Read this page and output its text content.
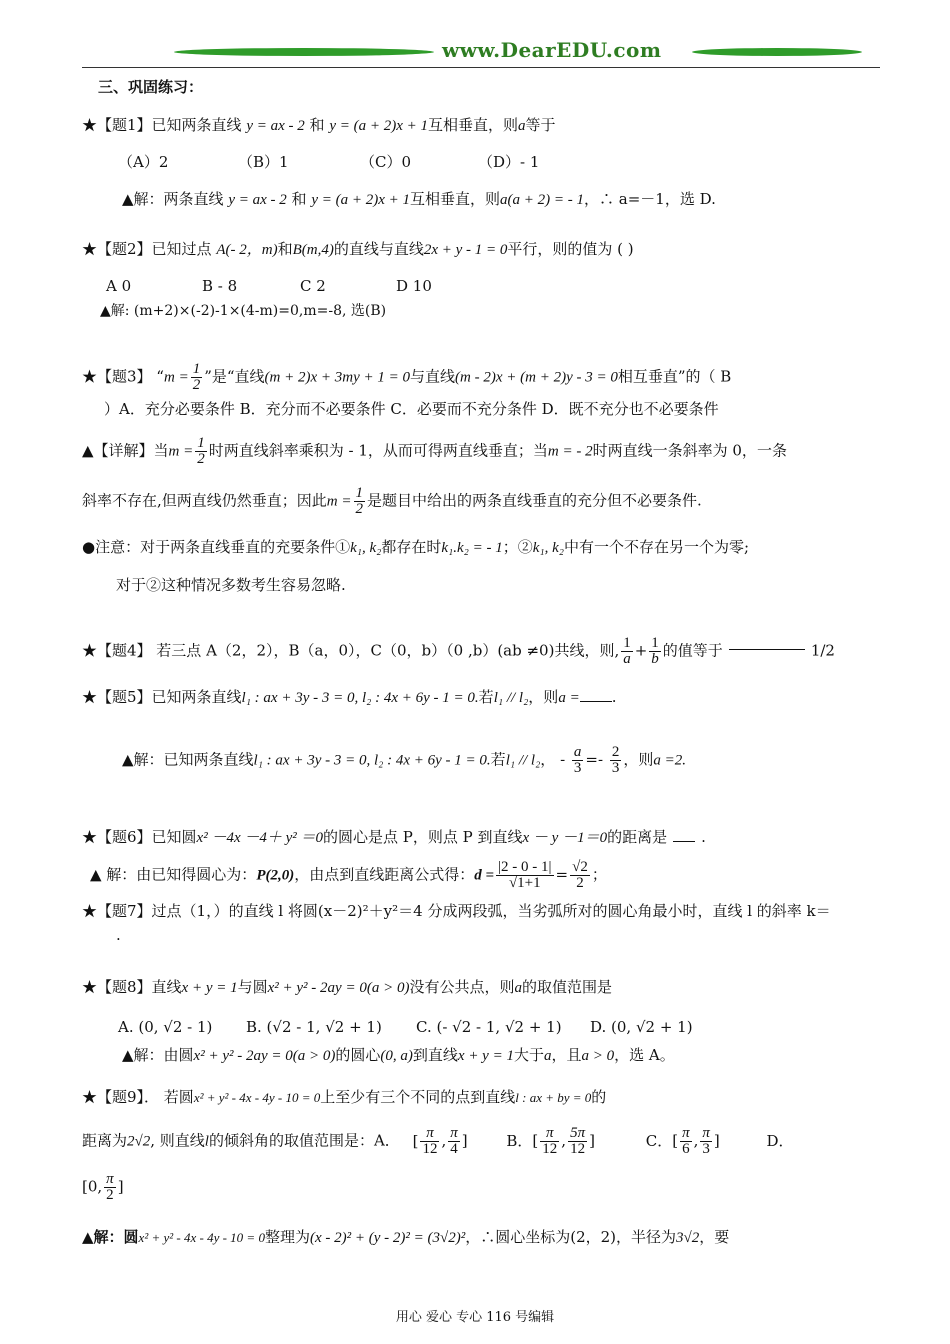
www.DearEDU.com
三、巩固练习：
★【题1】已知两条直线 y = ax - 2 和 y = (a + 2)x + 1互相垂直，则a等于
（A）2	（B）1	（C）0	（D）- 1
▲解：两条直线 y = ax - 2 和 y = (a + 2)x + 1互相垂直，则a(a + 2) = - 1，∴ a=－1，选 D.
★【题2】已知过点 A(- 2，m)和B(m,4)的直线与直线2x + y - 1 = 0平行，则的值为 ( )
A 0	B - 8	C 2	D 10
▲解: (m+2)×(-2)-1×(4-m)=0,m=-8, 选(B)
★【题3】 “$m = \frac{1}{2}$ ”是“直线(m + 2)x + 3my + 1 = 0与直线(m - 2)x + (m + 2)y - 3 = 0相互垂直”的（ B
）A．充分必要条件 B．充分而不必要条件 C．必要而不充分条件 D．既不充分也不必要条件
▲【详解】当$m = \frac{1}{2}$ 时两直线斜率乘积为 - 1，从而可得两直线垂直；当m = - 2时两直线一条斜率为 0，一条
斜率不存在,但两直线仍然垂直；因此$m = \frac{1}{2}$ 是题目中给出的两条直线垂直的充分但不必要条件.
●注意：对于两条直线垂直的充要条件①k₁, k₂都存在时k₁.k₂ = - 1；②k₁, k₂中有一个不存在另一个为零;
对于②这种情况多数考生容易忽略.
★【题4】 若三点 A（2，2），B（a，0），C（0，b）（0 ,b）(ab ≠0)共线，则, $\frac{1}{a} + \frac{1}{b}$ 的值等于	1/2
★【题5】已知两条直线l₁ : ax + 3y - 3 = 0, l₂ : 4x + 6y - 1 = 0.若l₁ // l₂，则a = .
▲解：已知两条直线l₁ : ax + 3y - 3 = 0, l₂ : 4x + 6y - 1 = 0.若l₁ // l₂， - $\frac{a}{3} =- \frac{2}{3}$ ，则a =2.
★【题6】已知圆x² －4x －4＋ y² ＝0的圆心是点 P，则点 P 到直线x － y －1＝0的距离是 .
▲ 解：由已知得圆心为：P(2,0)，由点到直线距离公式得：$d = \frac{|2 - 0 - 1|}{√1+1} = \frac{√2}{2}$ ；
★【题7】过点（1，）的直线 l 将圆(x－2)²＋y²＝4 分成两段弧，当劣弧所对的圆心角最小时，直线 l 的斜率 k＝
.
★【题8】直线x + y = 1与圆x² + y² - 2ay = 0(a > 0)没有公共点，则a的取值范围是
A. (0, √2 - 1) B. (√2 - 1, √2 + 1) C. (- √2 - 1, √2 + 1) D. (0, √2 + 1)
▲解：由圆x² + y² - 2ay = 0(a > 0)的圆心(0, a)到直线x + y = 1大于a，且a > 0，选 A。
★【题9】． 若圆x² + y² - 4x - 4y - 10 = 0上至少有三个不同的点到直线l : ax + by = 0的
距离为2√2, 则直线l的倾斜角的取值范围是：A． [ $\frac{\pi}{12}$ , $\frac{\pi}{4}$ ]	B．[ $\frac{\pi}{12}$ , $\frac{5\pi}{12}$ ]	C．[ $\frac{\pi}{6}$ , $\frac{\pi}{3}$ ]	D．
[0, $\frac{\pi}{2}$ ]
▲解：圆x² + y² - 4x - 4y - 10 = 0整理为(x - 2)² + (y - 2)² = (3√2)²，∴圆心坐标为(2，2)，半径为3√2，要
用心 爱心 专心 116 号编辑
